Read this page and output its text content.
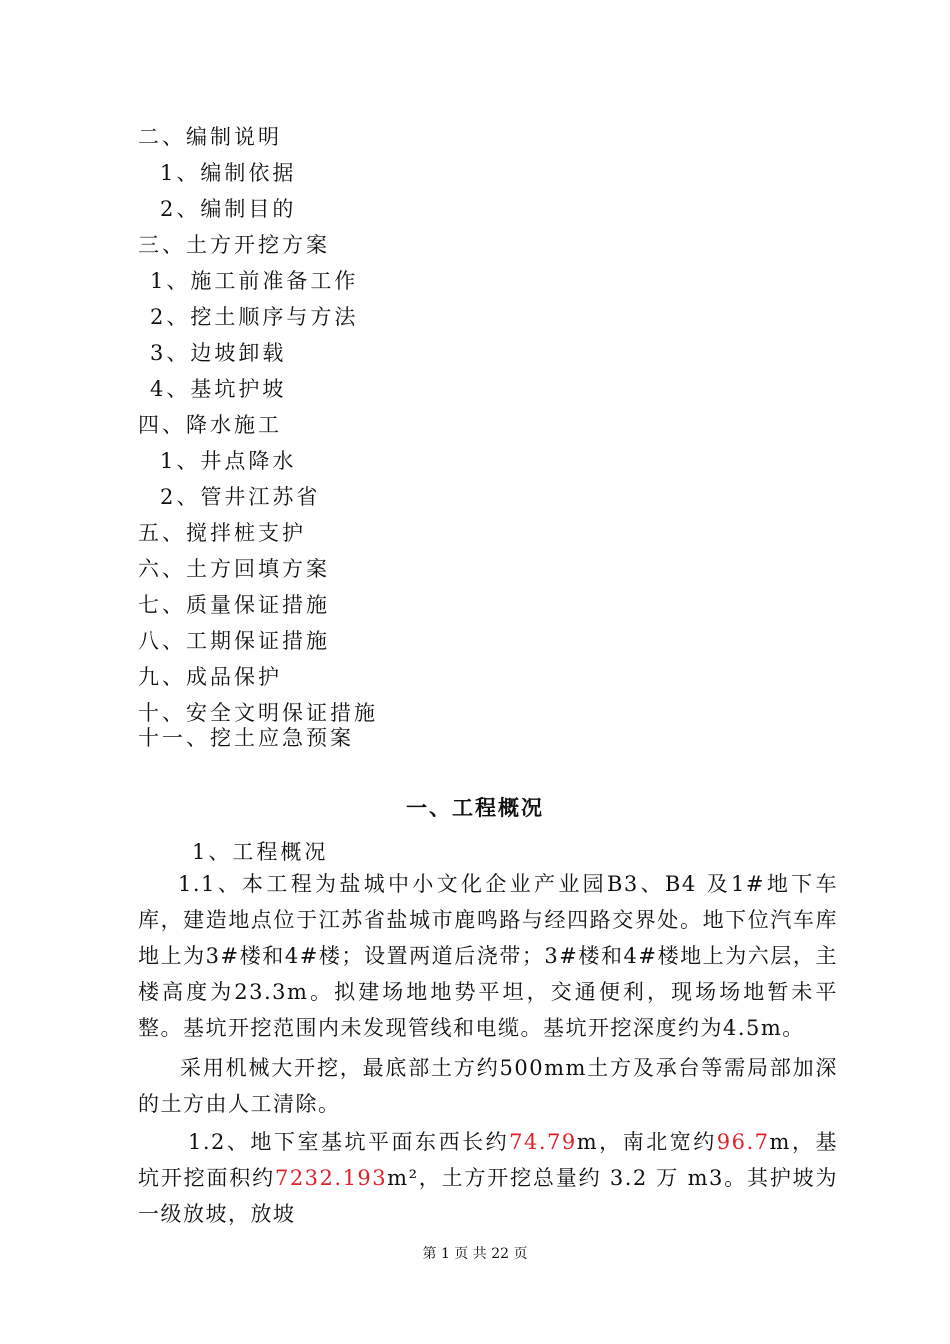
二、编制说明
1、编制依据
2、编制目的
三、土方开挖方案
1、施工前准备工作
2、挖土顺序与方法
3、边坡卸载
4、基坑护坡
四、降水施工
1、井点降水
2、管井江苏省
五、搅拌桩支护
六、土方回填方案
七、质量保证措施
八、工期保证措施
九、成品保护
十、安全文明保证措施
十一、挖土应急预案
一、工程概况
1、工程概况

1.1、本工程为盐城中小文化企业产业园B3、B4 及1#地下车库，建造地点位于江苏省盐城市鹿鸣路与经四路交界处。地下位汽车库地上为3#楼和4#楼；设置两道后浇带；3#楼和4#楼地上为六层，主楼高度为23.3m。拟建场地地势平坦，交通便利，现场场地暂未平整。基坑开挖范围内未发现管线和电缆。基坑开挖深度约为4.5m。

采用机械大开挖，最底部土方约500mm土方及承台等需局部加深的土方由人工清除。

1.2、地下室基坑平面东西长约74.79m，南北宽约96.7m，基坑开挖面积约7232.193m²，土方开挖总量约 3.2 万 m3。其护坡为一级放坡，放坡

第 1 页 共 22 页
